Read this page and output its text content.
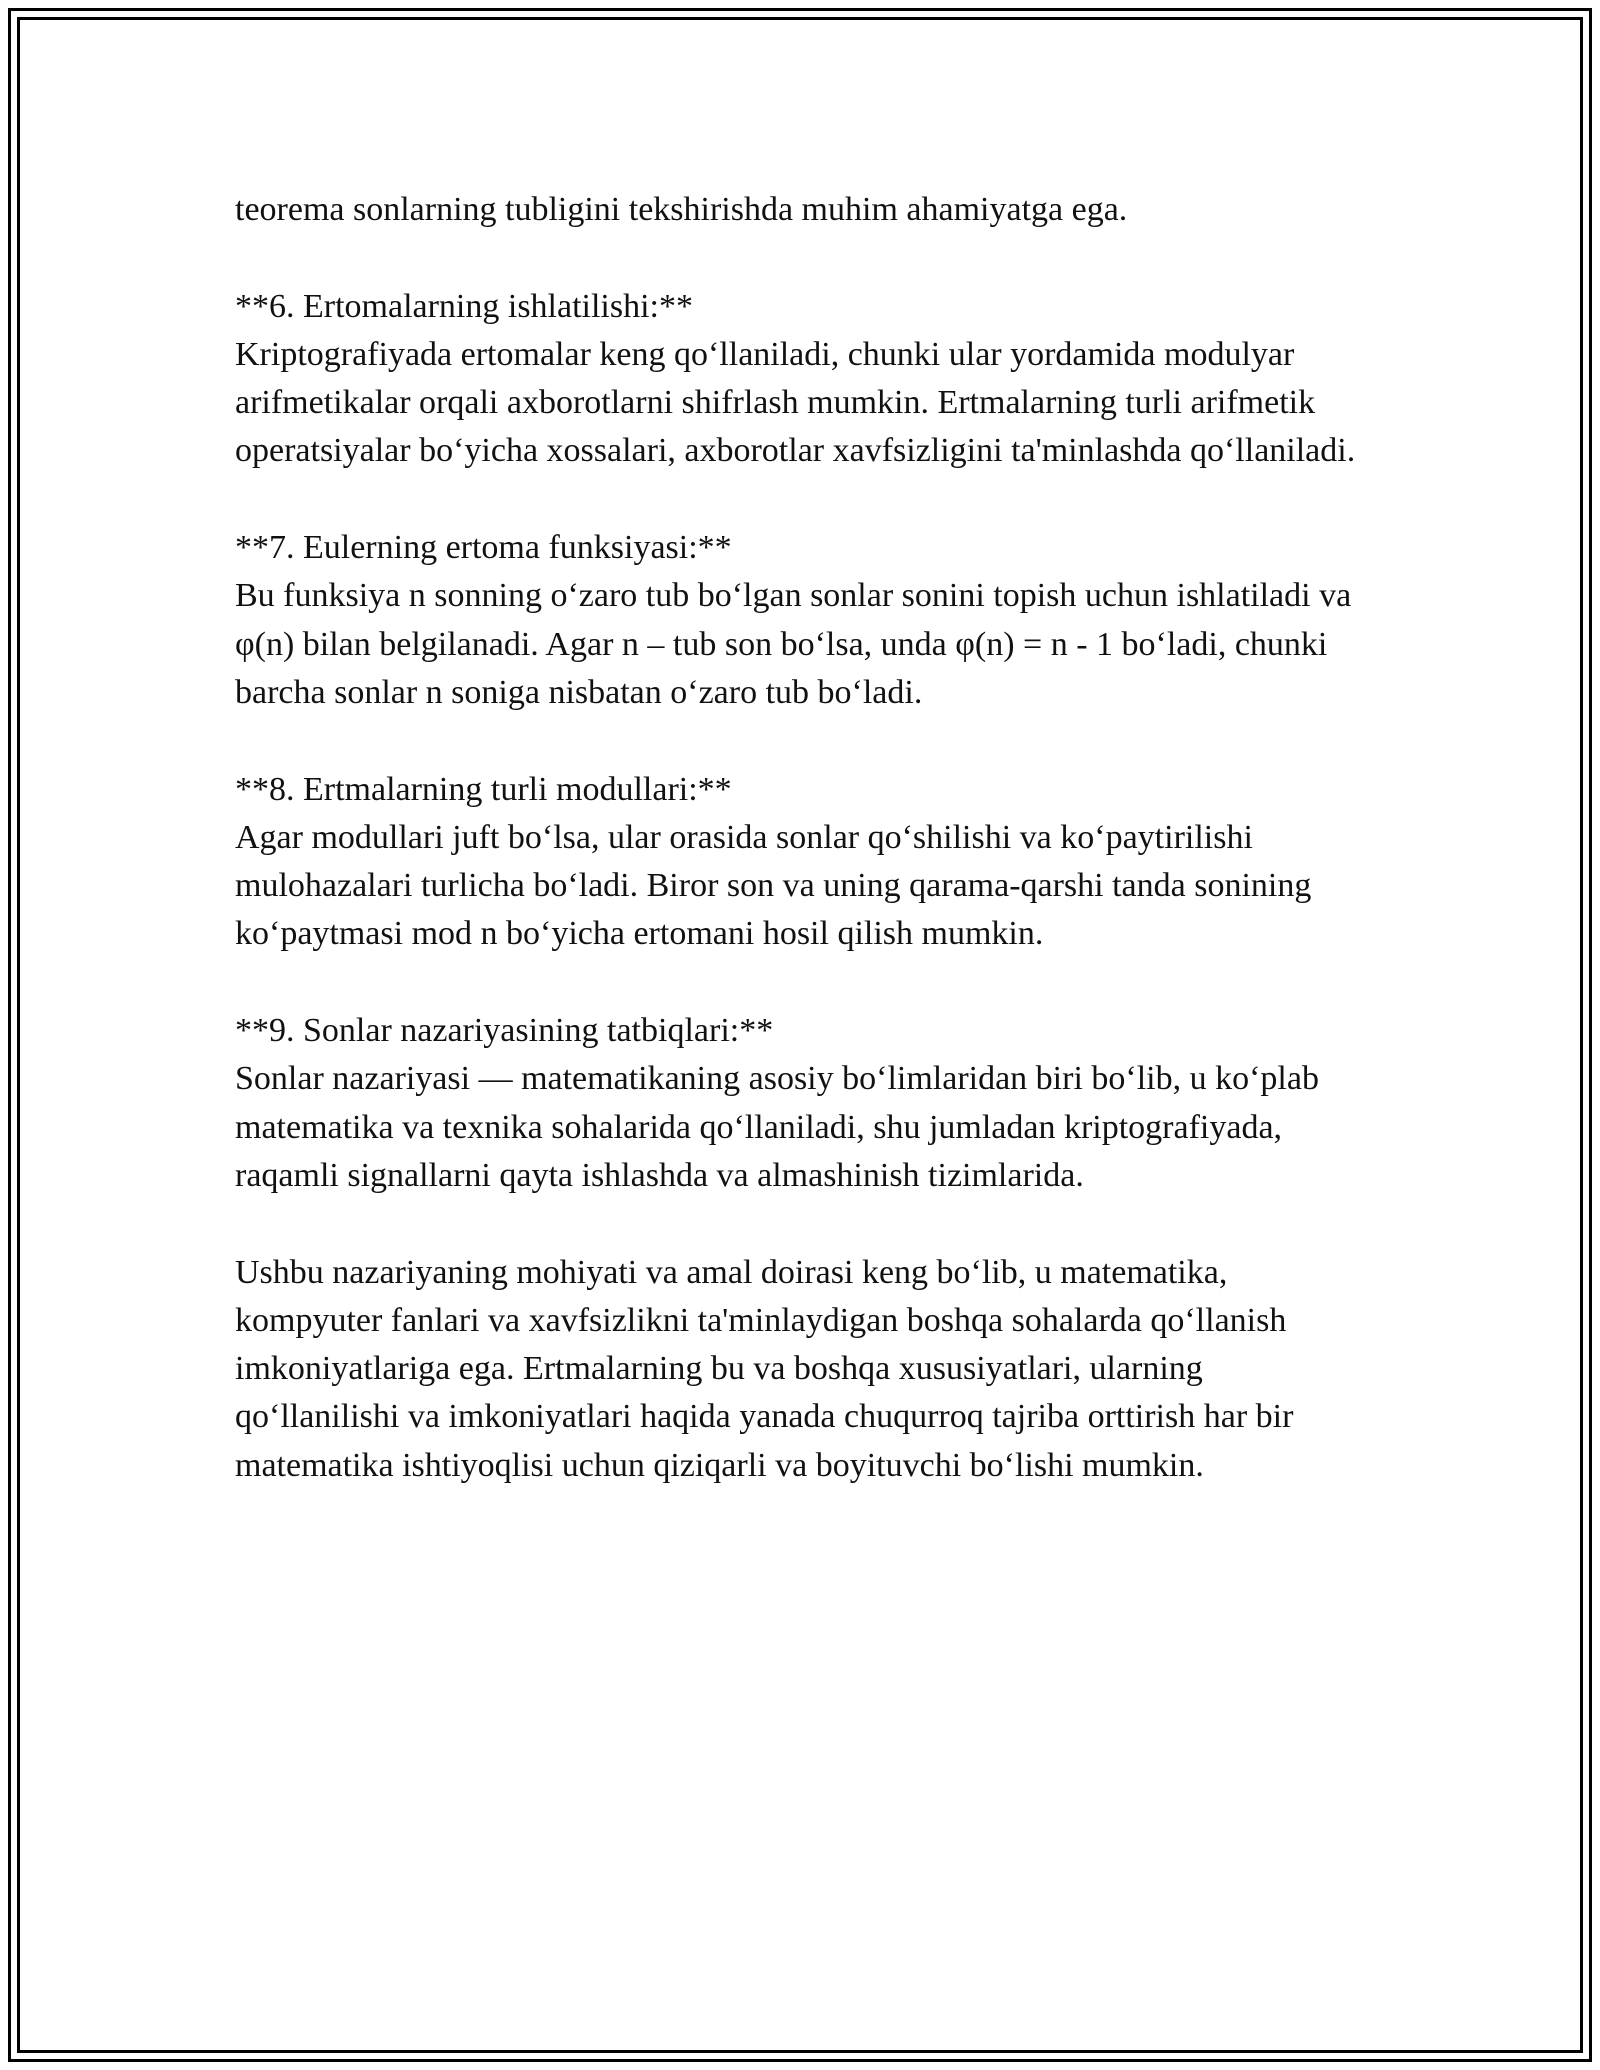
teorema sonlarning tubligini tekshirishda muhim ahamiyatga ega.

**6. Ertomalarning ishlatilishi:**

Kriptografiyada ertomalar keng qo‘llaniladi, chunki ular yordamida modulyar arifmetikalar orqali axborotlarni shifrlash mumkin. Ertmalarning turli arifmetik operatsiyalar bo‘yicha xossalari, axborotlar xavfsizligini ta'minlashda qo‘llaniladi.

**7. Eulerning ertoma funksiyasi:**

Bu funksiya n sonning o‘zaro tub bo‘lgan sonlar sonini topish uchun ishlatiladi va φ(n) bilan belgilanadi. Agar n – tub son bo‘lsa, unda φ(n) = n - 1 bo‘ladi, chunki barcha sonlar n soniga nisbatan o‘zaro tub bo‘ladi.

**8. Ertmalarning turli modullari:**

Agar modullari juft bo‘lsa, ular orasida sonlar qo‘shilishi va ko‘paytirilishi mulohazalari turlicha bo‘ladi. Biror son va uning qarama-qarshi tanda sonining ko‘paytmasi mod n bo‘yicha ertomani hosil qilish mumkin.

**9. Sonlar nazariyasining tatbiqlari:**

Sonlar nazariyasi — matematikaning asosiy bo‘limlaridan biri bo‘lib, u ko‘plab matematika va texnika sohalarida qo‘llaniladi, shu jumladan kriptografiyada, raqamli signallarni qayta ishlashda va almashinish tizimlarida.

Ushbu nazariyaning mohiyati va amal doirasi keng bo‘lib, u matematika, kompyuter fanlari va xavfsizlikni ta'minlaydigan boshqa sohalarda qo‘llanish imkoniyatlariga ega. Ertmalarning bu va boshqa xususiyatlari, ularning qo‘llanilishi va imkoniyatlari haqida yanada chuqurroq tajriba orttirish har bir matematika ishtiyoqlisi uchun qiziqarli va boyituvchi bo‘lishi mumkin.
